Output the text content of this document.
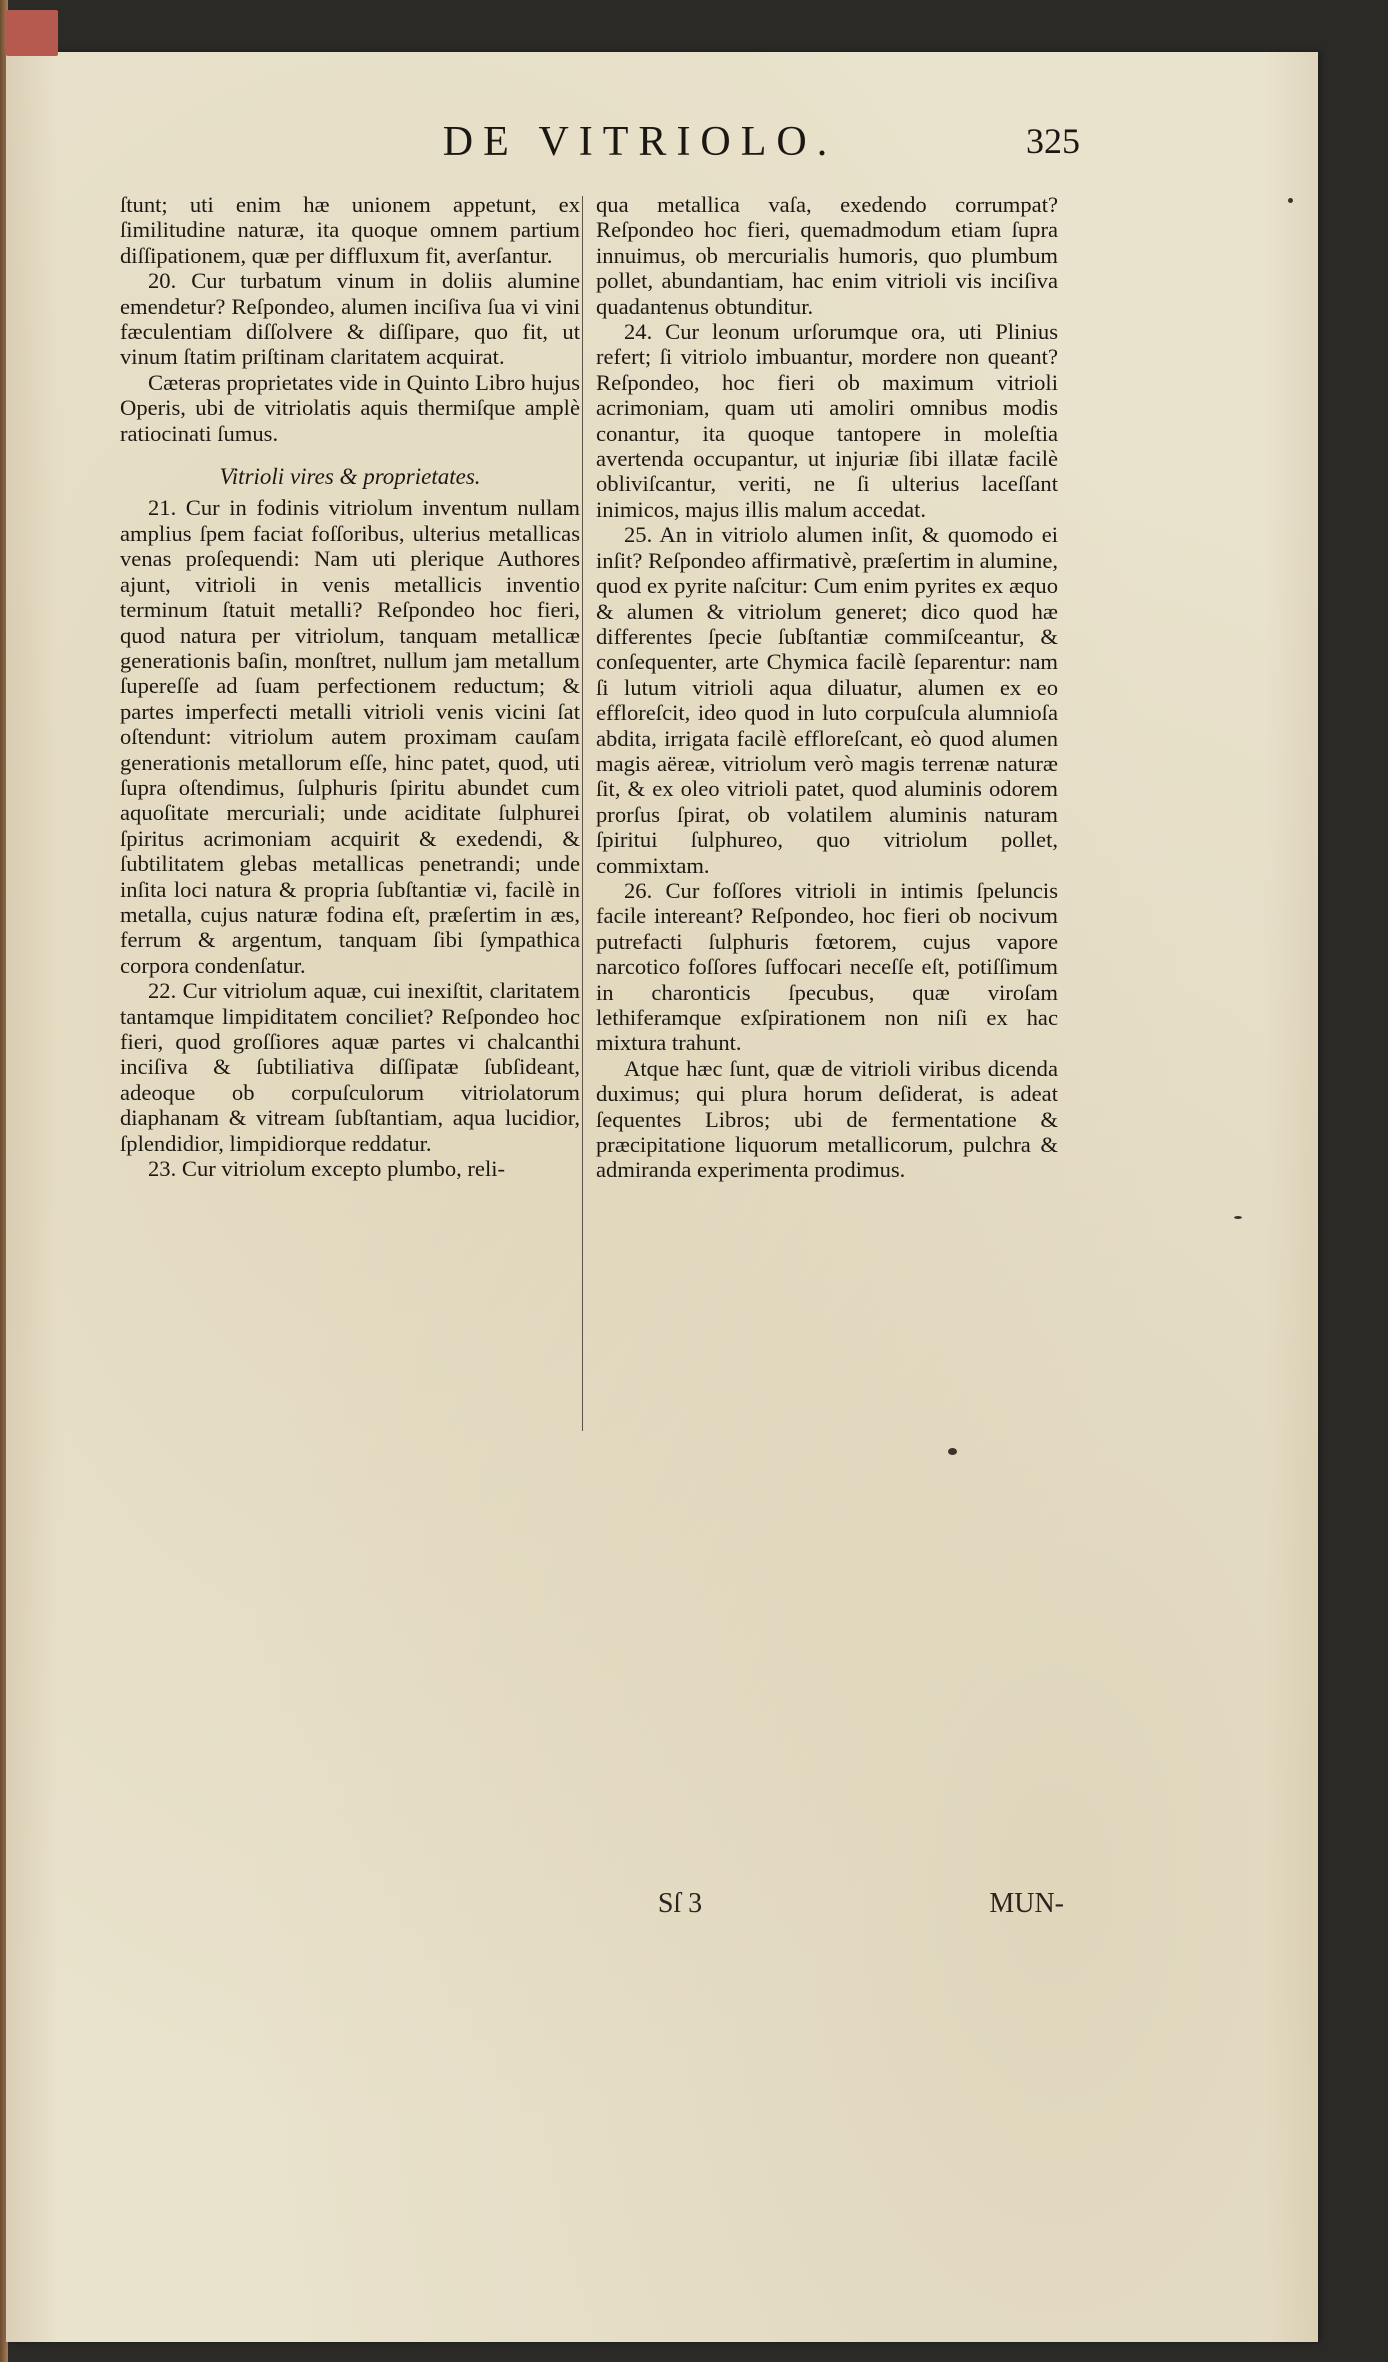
DE VITRIOLO.	325

ſtunt; uti enim hæ unionem appetunt, ex ſimilitudine naturæ, ita quoque omnem partium diſſipationem, quæ per diffluxum fit, averſantur.

20. Cur turbatum vinum in doliis alumine emendetur? Reſpondeo, alumen inciſiva ſua vi vini fæculentiam diſſolvere & diſſipare, quo fit, ut vinum ſtatim priſtinam claritatem acquirat.

Cæteras proprietates vide in Quinto Libro hujus Operis, ubi de vitriolatis aquis thermiſque amplè ratiocinati ſumus.

Vitrioli vires & proprietates.

21. Cur in fodinis vitriolum inventum nullam amplius ſpem faciat foſſoribus, ulterius metallicas venas proſequendi: Nam uti plerique Authores ajunt, vitrioli in venis metallicis inventio terminum ſtatuit metalli? Reſpondeo hoc fieri, quod natura per vitriolum, tanquam metallicæ generationis baſin, monſtret, nullum jam metallum ſupereſſe ad ſuam perfectionem reductum; & partes imperfecti metalli vitrioli venis vicini ſat oſtendunt: vitriolum autem proximam cauſam generationis metallorum eſſe, hinc patet, quod, uti ſupra oſtendimus, ſulphuris ſpiritu abundet cum aquoſitate mercuriali; unde aciditate ſulphurei ſpiritus acrimoniam acquirit & exedendi, & ſubtilitatem glebas metallicas penetrandi; unde inſita loci natura & propria ſubſtantiæ vi, facilè in metalla, cujus naturæ fodina eſt, præſertim in æs, ferrum & argentum, tanquam ſibi ſympathica corpora condenſatur.

22. Cur vitriolum aquæ, cui inexiſtit, claritatem tantamque limpiditatem conciliet? Reſpondeo hoc fieri, quod groſſiores aquæ partes vi chalcanthi inciſiva & ſubtiliativa diſſipatæ ſubſideant, adeoque ob corpuſculorum vitriolatorum diaphanam & vitream ſubſtantiam, aqua lucidior, ſplendidior, limpidiorque reddatur.

23. Cur vitriolum excepto plumbo, reli-

qua metallica vaſa, exedendo corrumpat? Reſpondeo hoc fieri, quemadmodum etiam ſupra innuimus, ob mercurialis humoris, quo plumbum pollet, abundantiam, hac enim vitrioli vis inciſiva quadantenus obtunditur.

24. Cur leonum urſorumque ora, uti Plinius refert; ſi vitriolo imbuantur, mordere non queant? Reſpondeo, hoc fieri ob maximum vitrioli acrimoniam, quam uti amoliri omnibus modis conantur, ita quoque tantopere in moleſtia avertenda occupantur, ut injuriæ ſibi illatæ facilè obliviſcantur, veriti, ne ſi ulterius laceſſant inimicos, majus illis malum accedat.

25. An in vitriolo alumen inſit, & quomodo ei inſit? Reſpondeo affirmativè, præſertim in alumine, quod ex pyrite naſcitur: Cum enim pyrites ex æquo & alumen & vitriolum generet; dico quod hæ differentes ſpecie ſubſtantiæ commiſceantur, & conſequenter, arte Chymica facilè ſeparentur: nam ſi lutum vitrioli aqua diluatur, alumen ex eo effloreſcit, ideo quod in luto corpuſcula alumnioſa abdita, irrigata facilè effloreſcant, eò quod alumen magis aëreæ, vitriolum verò magis terrenæ naturæ ſit, & ex oleo vitrioli patet, quod aluminis odorem prorſus ſpirat, ob volatilem aluminis naturam ſpiritui ſulphureo, quo vitriolum pollet, commixtam.

26. Cur foſſores vitrioli in intimis ſpeluncis facile intereant? Reſpondeo, hoc fieri ob nocivum putrefacti ſulphuris fœtorem, cujus vapore narcotico foſſores ſuffocari neceſſe eſt, potiſſimum in charonticis ſpecubus, quæ viroſam lethiferamque exſpirationem non niſi ex hac mixtura trahunt.

Atque hæc ſunt, quæ de vitrioli viribus dicenda duximus; qui plura horum deſiderat, is adeat ſequentes Libros; ubi de fermentatione & præcipitatione liquorum metallicorum, pulchra & admiranda experimenta prodimus.

Sſ 3	MUN-
